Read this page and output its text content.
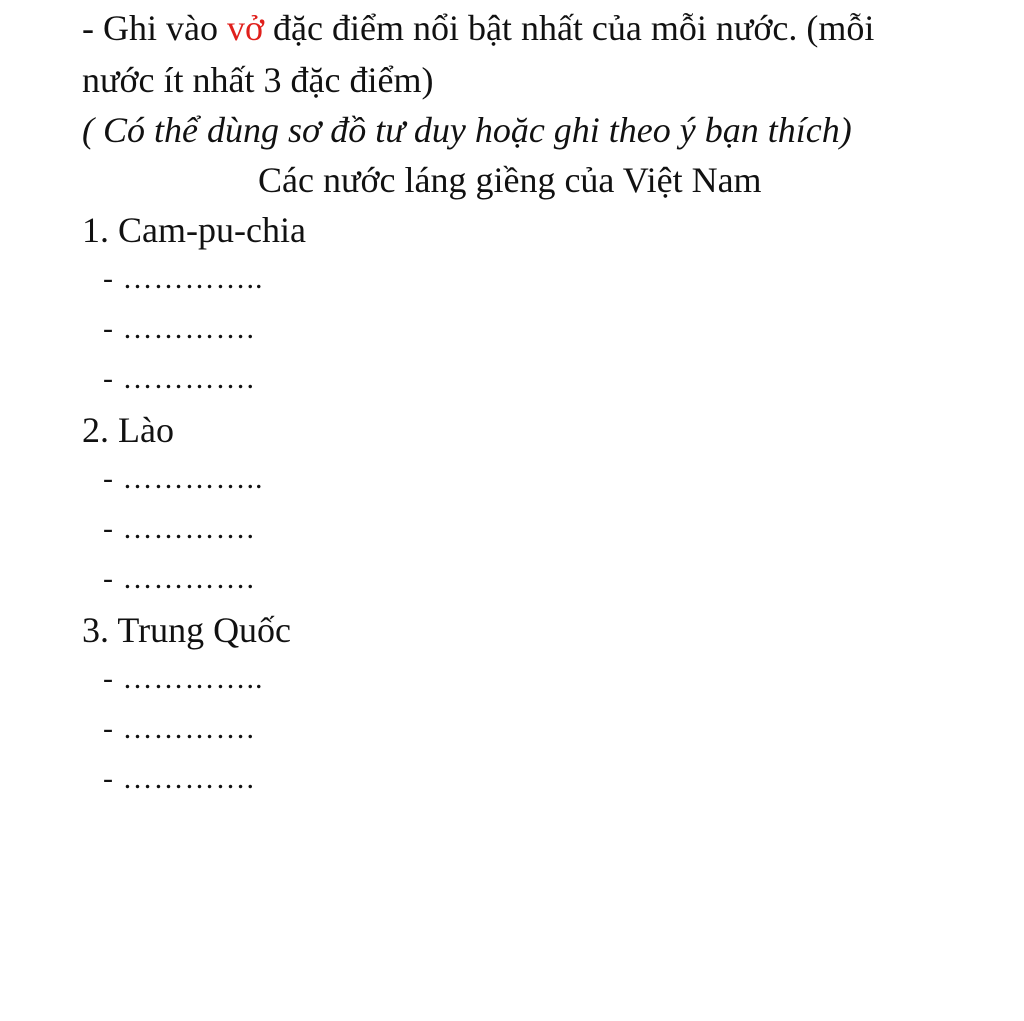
- Ghi vào vở đặc điểm nổi bật nhất của mỗi nước. (mỗi
nước ít nhất 3 đặc điểm)
( Có thể dùng sơ đồ tư duy hoặc ghi theo ý bạn thích)
Các nước láng giềng của Việt Nam
1. Cam-pu-chia
- …………..
- ………….
- ………….
2. Lào
- …………..
- ………….
- ………….
3. Trung Quốc
- …………..
- ………….
- ………….
